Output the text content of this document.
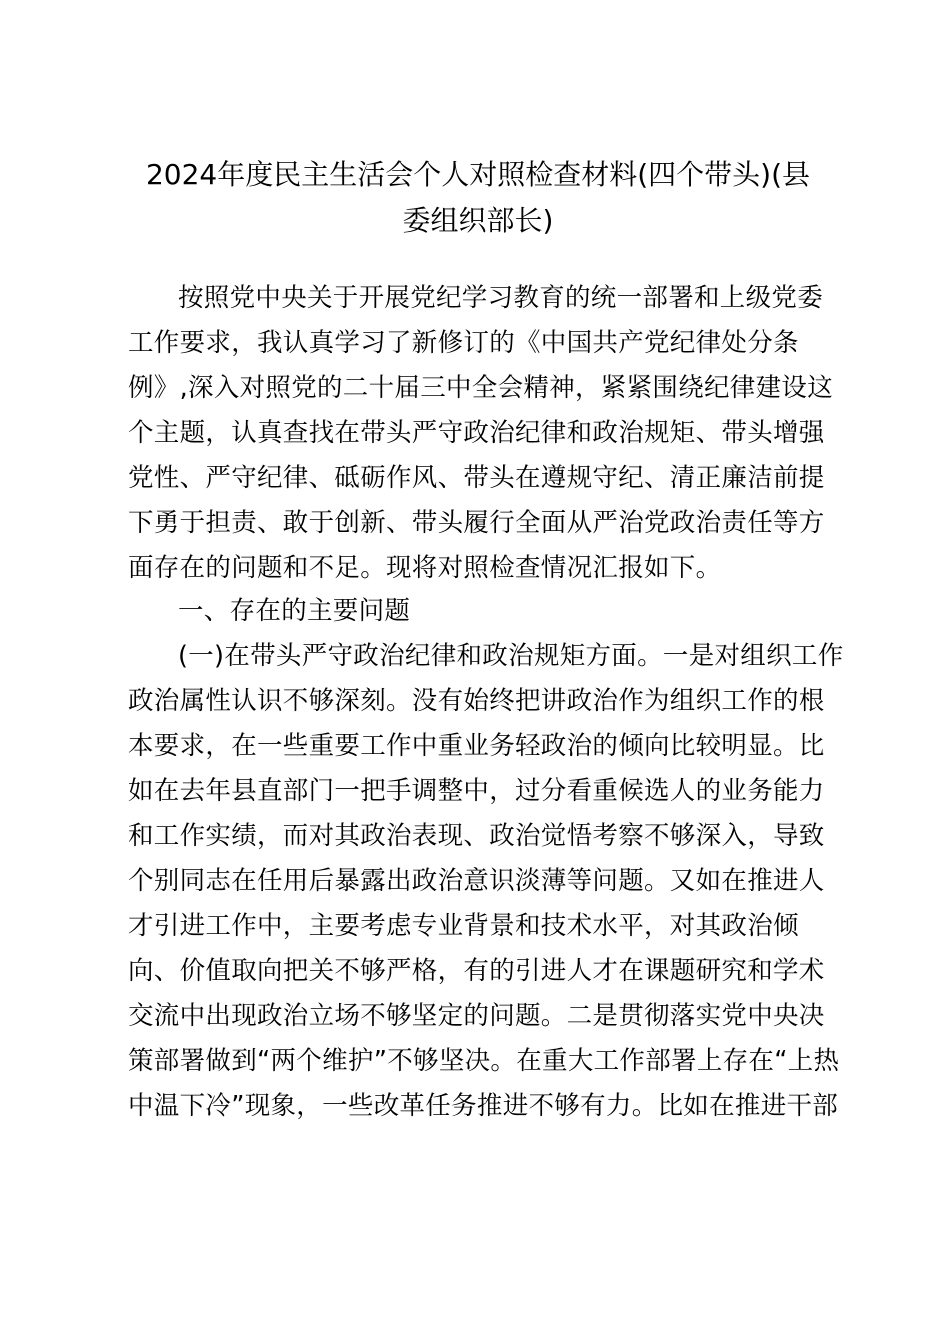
2024年度民主生活会个人对照检查材料(四个带头)(县
委组织部长)
按照党中央关于开展党纪学习教育的统一部署和上级党委
工作要求，我认真学习了新修订的《中国共产党纪律处分条
例》,深入对照党的二十届三中全会精神，紧紧围绕纪律建设这
个主题，认真查找在带头严守政治纪律和政治规矩、带头增强
党性、严守纪律、砥砺作风、带头在遵规守纪、清正廉洁前提
下勇于担责、敢于创新、带头履行全面从严治党政治责任等方
面存在的问题和不足。现将对照检查情况汇报如下。
一、存在的主要问题
(一)在带头严守政治纪律和政治规矩方面。一是对组织工作
政治属性认识不够深刻。没有始终把讲政治作为组织工作的根
本要求，在一些重要工作中重业务轻政治的倾向比较明显。比
如在去年县直部门一把手调整中，过分看重候选人的业务能力
和工作实绩，而对其政治表现、政治觉悟考察不够深入，导致
个别同志在任用后暴露出政治意识淡薄等问题。又如在推进人
才引进工作中，主要考虑专业背景和技术水平，对其政治倾
向、价值取向把关不够严格，有的引进人才在课题研究和学术
交流中出现政治立场不够坚定的问题。二是贯彻落实党中央决
策部署做到“两个维护”不够坚决。在重大工作部署上存在“上热
中温下冷”现象，一些改革任务推进不够有力。比如在推进干部
